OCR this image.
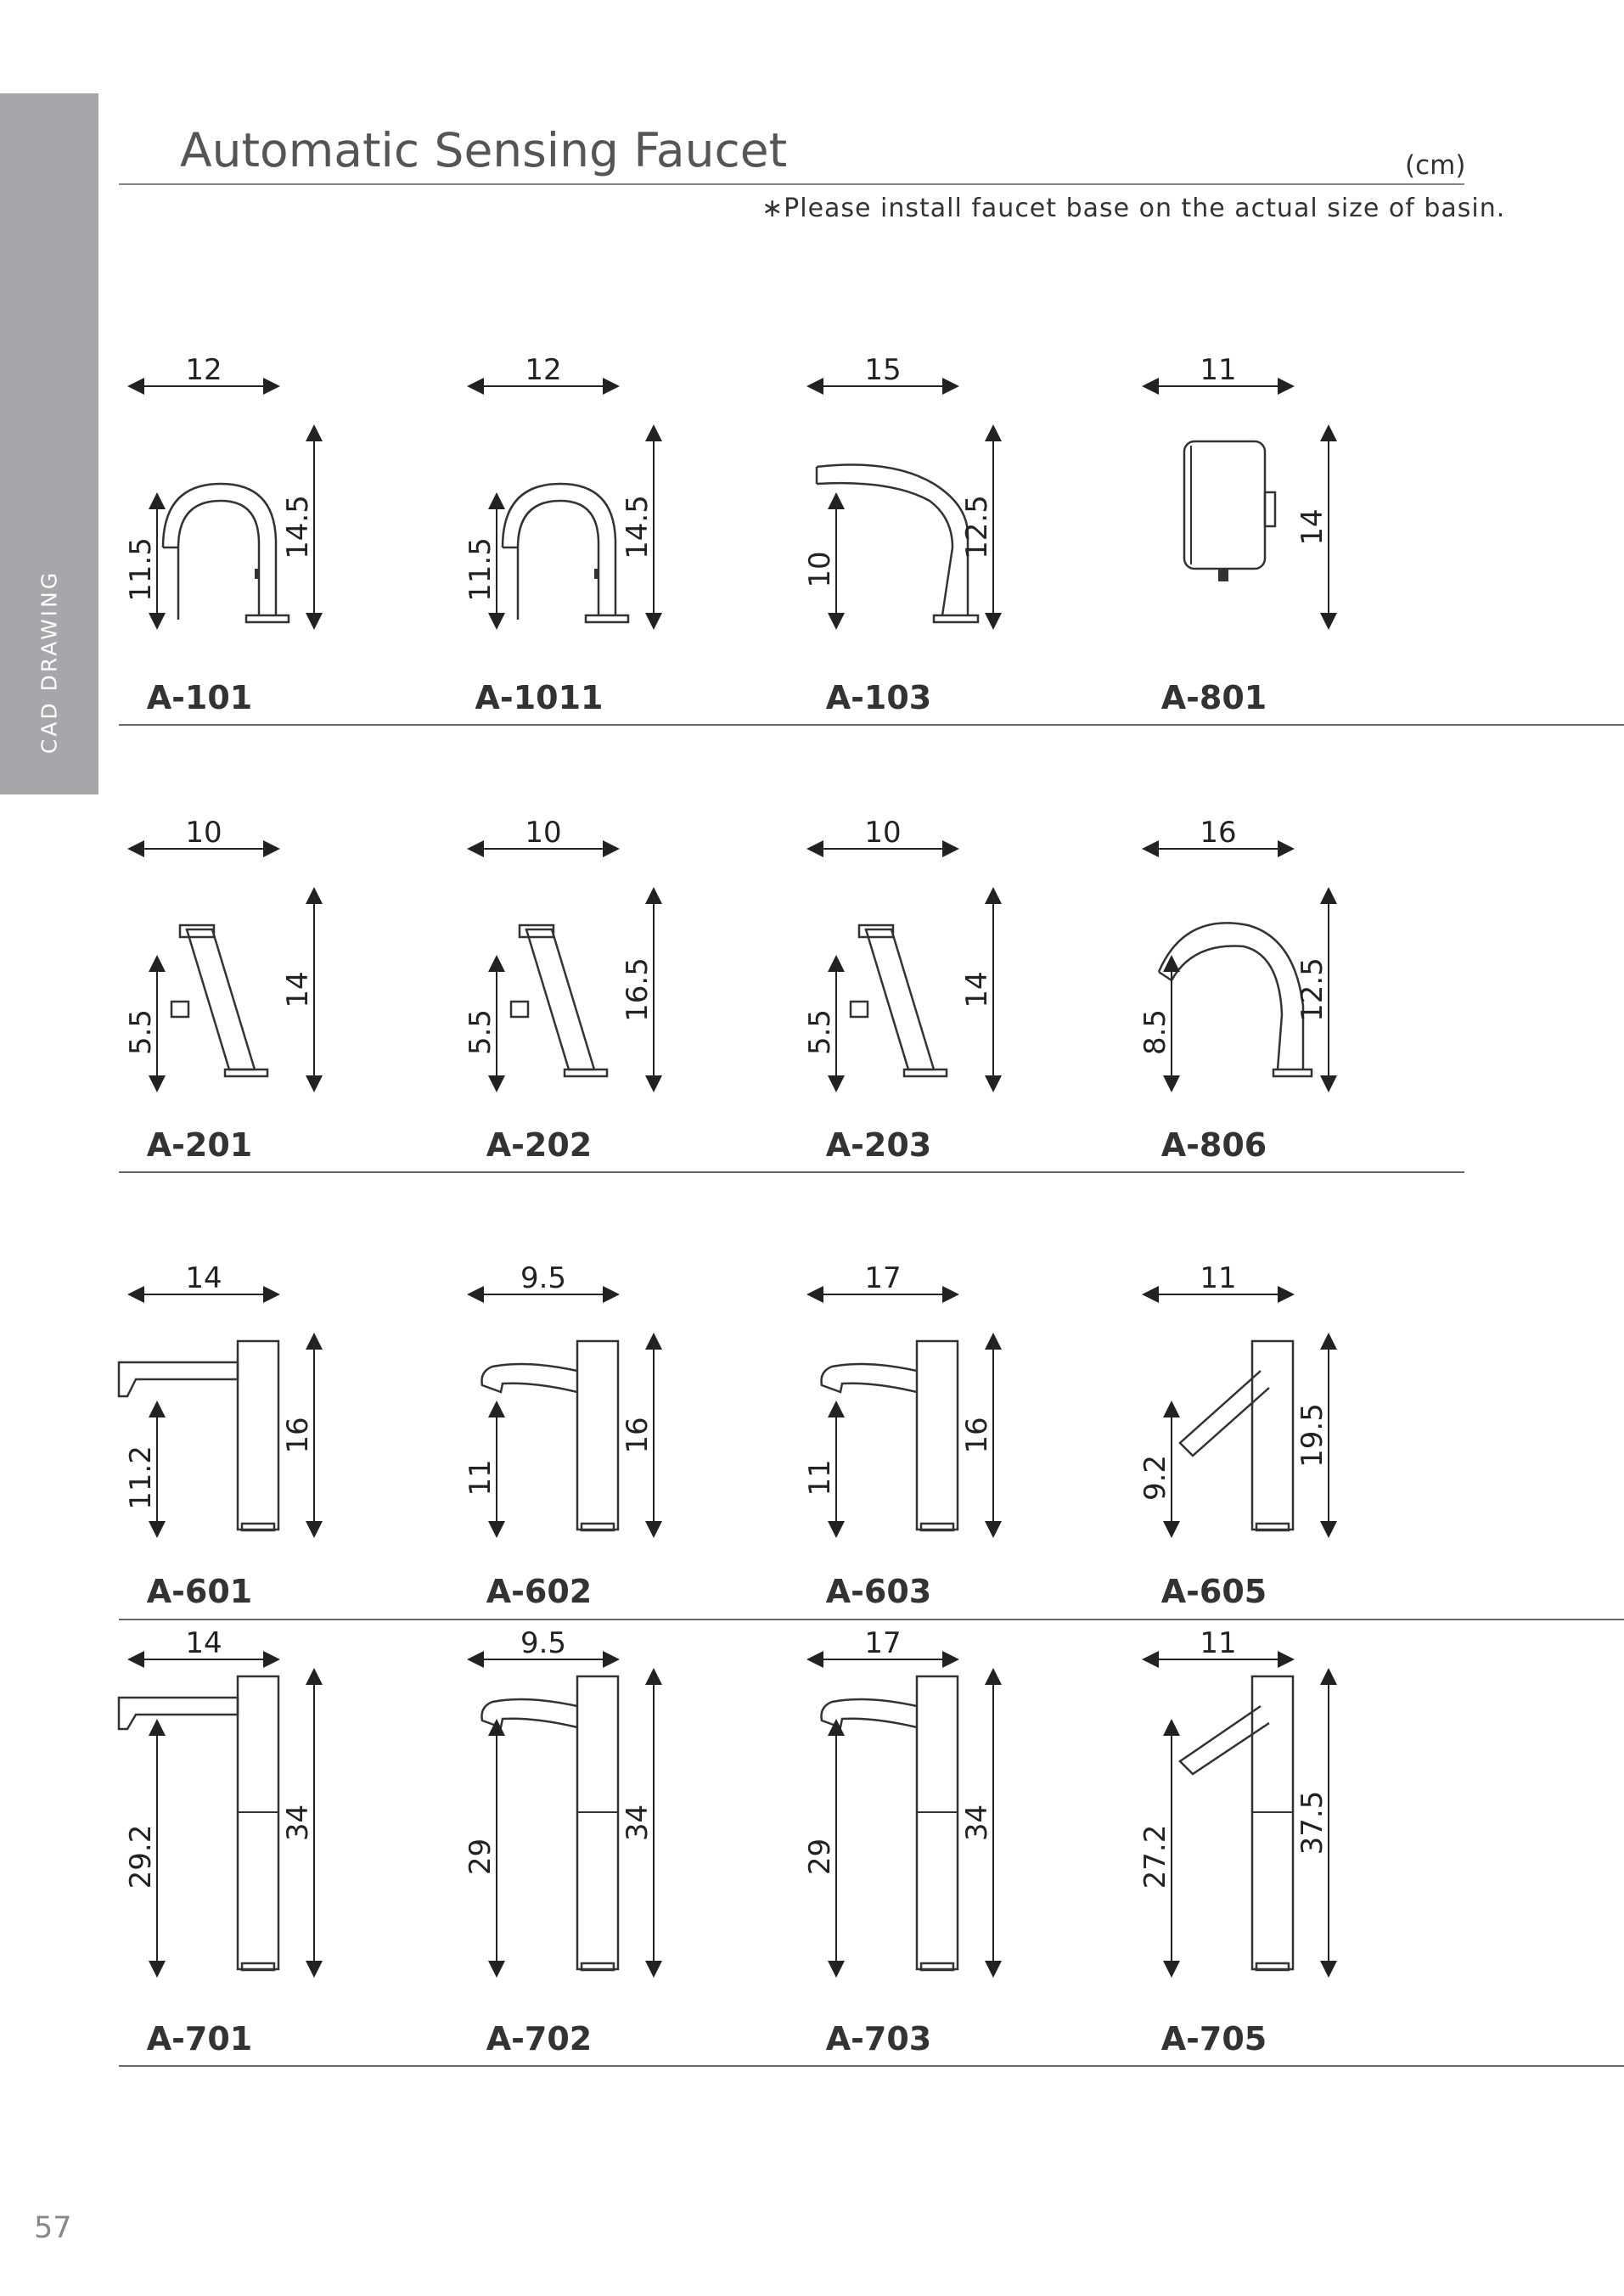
CAD DRAWING
Automatic Sensing Faucet	(cm)
∗Please install faucet base on the actual size of basin.
12
14.5
11.5
A-101
12
14.5
11.5
A-1011
15
12.5
10
A-103
11
14
A-801
10
14
5.5
A-201
10
16.5
5.5
A-202
10
14
5.5
A-203
16
12.5
8.5
A-806
14
16
11.2
A-601
9.5
16
11
A-602
17
16
11
A-603
11
19.5
9.2
A-605
14
34
29.2
A-701
9.5
34
29
A-702
17
34
29
A-703
11
37.5
27.2
A-705
57
